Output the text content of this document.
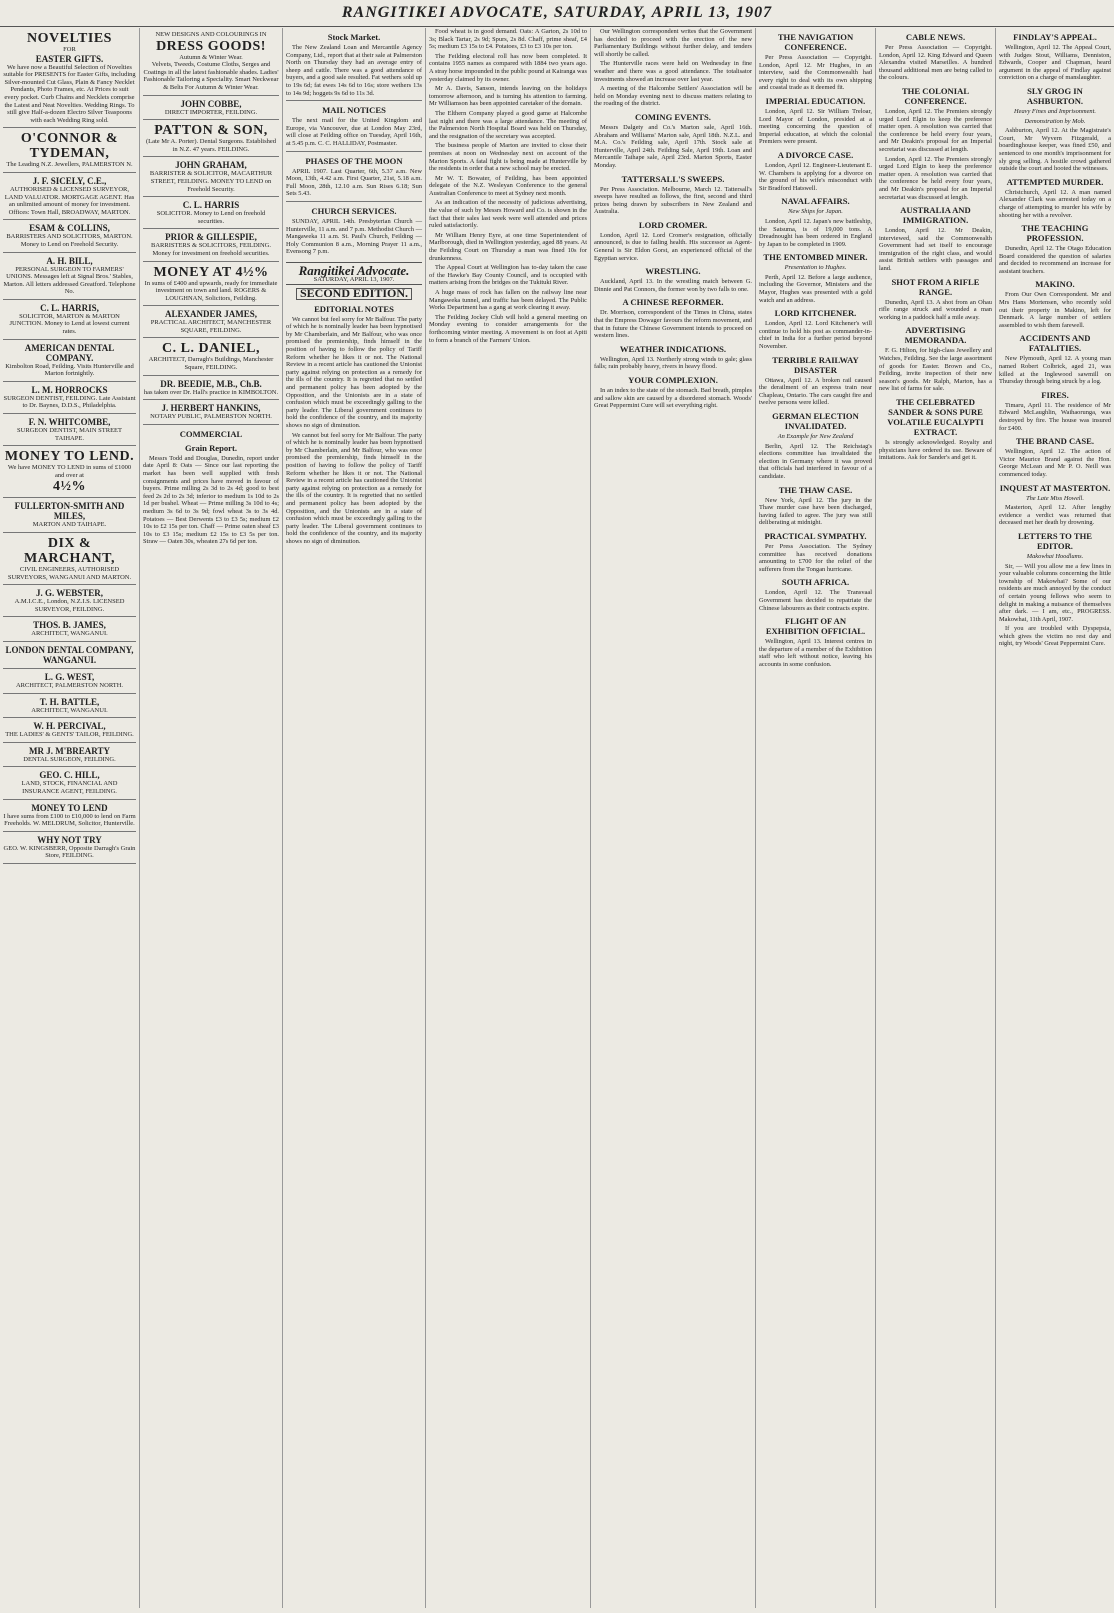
RANGITIKEI ADVOCATE, SATURDAY, APRIL 13, 1907
NOVELTIES
FOR
EASTER GIFTS.
We have now a Beautiful Selection of Novelties suitable for PRESENTS for Easter Gifts, including Silver-mounted Cut Glass, Plain & Fancy Necklet Pendants, Photo Frames, etc. At Prices to suit every pocket. Curb Chains and Necklets comprise the Latest and Neat Novelties. Wedding Rings. To still give Half-a-dozen Electro Silver Teaspoons with each Wedding Ring sold.
O'CONNOR & TYDEMAN,
The Leading N.Z. Jewellers, PALMERSTON N.
J. F. SICELY, C.E.,
AUTHORISED & LICENSED SURVEYOR, LAND VALUATOR. MORTGAGE AGENT. Has an unlimited amount of money for investment. Offices: Town Hall, BROADWAY, MARTON.
ESAM & COLLINS,
BARRISTERS AND SOLICITORS, MARTON. Money to Lend on Freehold Security.
A. H. BILL,
PERSONAL SURGEON TO FARMERS' UNIONS. Messages left at Signal Bros.' Stables, Marton. All letters addressed Greatford. Telephone No.
C. L. HARRIS,
SOLICITOR, MARTON & MARTON JUNCTION. Money to Lend at lowest current rates.
AMERICAN DENTAL COMPANY.
Kimbolton Road, Feilding. Visits Hunterville and Marton fortnightly.
L. M. HORROCKS
SURGEON DENTIST, FEILDING. Late Assistant to Dr. Baynes, D.D.S., Philadelphia.
F. N. WHITCOMBE,
SURGEON DENTIST, MAIN STREET TAIHAPE.
MONEY TO LEND.
We have MONEY TO LEND in sums of £1000 and over at
4½%
FULLERTON-SMITH AND MILES,
MARTON AND TAIHAPE.
DIX & MARCHANT,
CIVIL ENGINEERS, AUTHORISED SURVEYORS, WANGANUI AND MARTON.
J. G. WEBSTER,
A.M.I.C.E., London, N.Z.I.S. LICENSED SURVEYOR, FEILDING.
THOS. B. JAMES,
ARCHITECT, WANGANUI.
LONDON DENTAL COMPANY, WANGANUI.
L. G. WEST,
ARCHITECT, PALMERSTON NORTH.
T. H. BATTLE,
ARCHITECT, WANGANUI.
W. H. PERCIVAL,
THE LADIES' & GENTS' TAILOR, FEILDING.
MR J. M'BREARTY
DENTAL SURGEON, FEILDING.
GEO. C. HILL,
LAND, STOCK, FINANCIAL AND INSURANCE AGENT, FEILDING.
MONEY TO LEND
I have sums from £100 to £10,000 to lend on Farm Freeholds. W. MELDRUM, Solicitor, Hunterville.
WHY NOT TRY
GEO. W. KINGSBERR, Opposite Darragh's Grain Store, FEILDING.
NEW DESIGNS AND COLOURINGS IN
DRESS GOODS!
Autumn & Winter Wear.
Velvets, Tweeds, Costume Cloths, Serges and Coatings in all the latest fashionable shades. Ladies' Fashionable Tailoring a Speciality. Smart Neckwear & Belts For Autumn & Winter Wear.
JOHN COBBE,
DIRECT IMPORTER, FEILDING.
PATTON & SON,
(Late Mr A. Porter). Dental Surgeons. Established in N.Z. 47 years. FEILDING.
JOHN GRAHAM,
BARRISTER & SOLICITOR, MACARTHUR STREET, FEILDING. MONEY TO LEND on Freehold Security.
C. L. HARRIS
SOLICITOR. Money to Lend on freehold securities.
PRIOR & GILLESPIE,
BARRISTERS & SOLICITORS, FEILDING. Money for investment on freehold securities.
MONEY AT 4½%
In sums of £400 and upwards, ready for immediate investment on town and land. ROGERS & LOUGHNAN, Solicitors, Feilding.
ALEXANDER JAMES,
PRACTICAL ARCHITECT, MANCHESTER SQUARE, FEILDING.
C. L. DANIEL,
ARCHITECT, Darragh's Buildings, Manchester Square, FEILDING.
DR. BEEDIE, M.B., Ch.B.
has taken over Dr. Hall's practice in KIMBOLTON.
J. HERBERT HANKINS,
NOTARY PUBLIC, PALMERSTON NORTH.
COMMERCIAL
Grain Report.

Messrs Todd and Douglas, Dunedin, report under date April 8: Oats — Since our last reporting the market has been well supplied with fresh consignments and prices have moved in favour of buyers. Prime milling 2s 3d to 2s 4d; good to best feed 2s 2d to 2s 3d; inferior to medium 1s 10d to 2s 1d per bushel. Wheat — Prime milling 3s 10d to 4s; medium 3s 6d to 3s 9d; fowl wheat 3s to 3s 4d. Potatoes — Best Derwents £3 to £3 5s; medium £2 10s to £2 15s per ton. Chaff — Prime oaten sheaf £3 10s to £3 15s; medium £2 15s to £3 5s per ton. Straw — Oaten 30s, wheaten 27s 6d per ton.

Stock Market.

The New Zealand Loan and Mercantile Agency Company, Ltd., report that at their sale at Palmerston North on Thursday they had an average entry of sheep and cattle. There was a good attendance of buyers, and a good sale resulted. Fat wethers sold up to 19s 6d; fat ewes 14s 6d to 16s; store wethers 13s to 14s 9d; hoggets 9s 6d to 11s 3d.

MAIL NOTICES

The next mail for the United Kingdom and Europe, via Vancouver, due at London May 23rd, will close at Feilding office on Tuesday, April 16th, at 5.45 p.m. C. C. HALLIDAY, Postmaster.

PHASES OF THE MOON

APRIL 1907. Last Quarter, 6th, 5.37 a.m. New Moon, 13th, 4.42 a.m. First Quarter, 21st, 5.18 a.m. Full Moon, 28th, 12.10 a.m. Sun Rises 6.18; Sun Sets 5.43.

CHURCH SERVICES.

SUNDAY, APRIL 14th. Presbyterian Church — Hunterville, 11 a.m. and 7 p.m. Methodist Church — Mangaweka 11 a.m. St. Paul's Church, Feilding — Holy Communion 8 a.m., Morning Prayer 11 a.m., Evensong 7 p.m.

Rangitikei Advocate.
SATURDAY, APRIL 13, 1907.
SECOND EDITION.
EDITORIAL NOTES

We cannot but feel sorry for Mr Balfour. The party of which he is nominally leader has been hypnotised by Mr Chamberlain, and Mr Balfour, who was once promised the premiership, finds himself in the position of having to follow the policy of Tariff Reform whether he likes it or not. The National Review in a recent article has cautioned the Unionist party against relying on protection as a remedy for the ills of the country. It is regretted that no settled and permanent policy has been adopted by the Opposition, and the Unionists are in a state of confusion which must be exceedingly galling to the party leader. The Liberal government continues to hold the confidence of the country, and its majority shows no sign of diminution.

We cannot but feel sorry for Mr Balfour. The party of which he is nominally leader has been hypnotised by Mr Chamberlain, and Mr Balfour, who was once promised the premiership, finds himself in the position of having to follow the policy of Tariff Reform whether he likes it or not. The National Review in a recent article has cautioned the Unionist party against relying on protection as a remedy for the ills of the country. It is regretted that no settled and permanent policy has been adopted by the Opposition, and the Unionists are in a state of confusion which must be exceedingly galling to the party leader. The Liberal government continues to hold the confidence of the country, and its majority shows no sign of diminution.

Food wheat is in good demand. Oats: A Garton, 2s 10d to 3s; Black Tartar, 2s 9d; Spurs, 2s 8d. Chaff, prime sheaf, £4 5s; medium £3 15s to £4. Potatoes, £3 to £3 10s per ton.

The Feilding electoral roll has now been completed. It contains 1955 names as compared with 1884 two years ago. A stray horse impounded in the public pound at Kairanga was yesterday claimed by its owner.

Mr A. Davis, Sanson, intends leaving on the holidays tomorrow afternoon, and is turning his attention to farming. Mr Williamson has been appointed caretaker of the domain.

The Elthern Company played a good game at Halcombe last night and there was a large attendance. The meeting of the Palmerston North Hospital Board was held on Thursday, and the resignation of the secretary was accepted.

The business people of Marton are invited to close their premises at noon on Wednesday next on account of the Marton Sports. A fatal fight is being made at Hunterville by the residents in order that a new school may be erected.

Mr W. T. Bowater, of Feilding, has been appointed delegate of the N.Z. Wesleyan Conference to the general Australian Conference to meet at Sydney next month.

As an indication of the necessity of judicious advertising, the value of such by Messrs Howard and Co. is shown in the fact that their sales last week were well attended and prices ruled satisfactorily.

Mr William Henry Eyre, at one time Superintendent of Marlborough, died in Wellington yesterday, aged 88 years. At the Feilding Court on Thursday a man was fined 10s for drunkenness.

The Appeal Court at Wellington has to-day taken the case of the Hawke's Bay County Council, and is occupied with matters arising from the bridges on the Tukituki River.

A huge mass of rock has fallen on the railway line near Mangaweka tunnel, and traffic has been delayed. The Public Works Department has a gang at work clearing it away.

The Feilding Jockey Club will hold a general meeting on Monday evening to consider arrangements for the forthcoming winter meeting. A movement is on foot at Apiti to form a branch of the Farmers' Union.

Our Wellington correspondent writes that the Government has decided to proceed with the erection of the new Parliamentary Buildings without further delay, and tenders will shortly be called.

The Hunterville races were held on Wednesday in fine weather and there was a good attendance. The totalisator investments showed an increase over last year.

A meeting of the Halcombe Settlers' Association will be held on Monday evening next to discuss matters relating to the roading of the district.

COMING EVENTS.

Messrs Dalgety and Co.'s Marton sale, April 16th. Abraham and Williams' Marton sale, April 18th. N.Z.L. and M.A. Co.'s Feilding sale, April 17th. Stock sale at Hunterville, April 24th. Feilding Sale, April 19th. Loan and Mercantile Taihape sale, April 23rd. Marton Sports, Easter Monday.

TATTERSALL'S SWEEPS.

Per Press Association. Melbourne, March 12. Tattersall's sweeps have resulted as follows, the first, second and third prizes being drawn by subscribers in New Zealand and Australia.

LORD CROMER.

London, April 12. Lord Cromer's resignation, officially announced, is due to failing health. His successor as Agent-General is Sir Eldon Gorst, an experienced official of the Egyptian service.

WRESTLING.

Auckland, April 13. In the wrestling match between G. Dinnie and Pat Connors, the former won by two falls to one.

A CHINESE REFORMER.

Dr. Morrison, correspondent of the Times in China, states that the Empress Dowager favours the reform movement, and that in future the Chinese Government intends to proceed on western lines.

WEATHER INDICATIONS.

Wellington, April 13. Northerly strong winds to gale; glass falls; rain probably heavy, rivers in heavy flood.

YOUR COMPLEXION.

In an index to the state of the stomach. Bad breath, pimples and sallow skin are caused by a disordered stomach. Woods' Great Peppermint Cure will set everything right.

THE NAVIGATION CONFERENCE.

Per Press Association — Copyright. London, April 12. Mr Hughes, in an interview, said the Commonwealth had every right to deal with its own shipping and coastal trade as it deemed fit.

IMPERIAL EDUCATION.

London, April 12. Sir William Treloar, Lord Mayor of London, presided at a meeting concerning the question of Imperial education, at which the colonial Premiers were present.

A DIVORCE CASE.

London, April 12. Engineer-Lieutenant E. W. Chambers is applying for a divorce on the ground of his wife's misconduct with Sir Bradford Hatswell.

NAVAL AFFAIRS.
New Ships for Japan.

London, April 12. Japan's new battleship, the Satsuma, is of 19,000 tons. A Dreadnought has been ordered in England by Japan to be completed in 1909.

THE ENTOMBED MINER.
Presentation to Hughes.

Perth, April 12. Before a large audience, including the Governor, Ministers and the Mayor, Hughes was presented with a gold watch and an address.

LORD KITCHENER.

London, April 12. Lord Kitchener's will continue to hold his post as commander-in-chief in India for a further period beyond November.

TERRIBLE RAILWAY DISASTER

Ottawa, April 12. A broken rail caused the derailment of an express train near Chapleau, Ontario. The cars caught fire and twelve persons were killed.

GERMAN ELECTION INVALIDATED.
An Example for New Zealand

Berlin, April 12. The Reichstag's elections committee has invalidated the election in Germany where it was proved that officials had interfered in favour of a candidate.

THE THAW CASE.

New York, April 12. The jury in the Thaw murder case have been discharged, having failed to agree. The jury was still deliberating at midnight.

PRACTICAL SYMPATHY.

Per Press Association. The Sydney committee has received donations amounting to £700 for the relief of the sufferers from the Tongan hurricane.

SOUTH AFRICA.

London, April 12. The Transvaal Government has decided to repatriate the Chinese labourers as their contracts expire.

FLIGHT OF AN EXHIBITION OFFICIAL.

Wellington, April 13. Interest centres in the departure of a member of the Exhibition staff who left without notice, leaving his accounts in some confusion.

CABLE NEWS.

Per Press Association — Copyright. London, April 12. King Edward and Queen Alexandra visited Marseilles. A hundred thousand additional men are being called to the colours.

THE COLONIAL CONFERENCE.

London, April 12. The Premiers strongly urged Lord Elgin to keep the preference matter open. A resolution was carried that the conference be held every four years, and Mr Deakin's proposal for an Imperial secretariat was discussed at length.

London, April 12. The Premiers strongly urged Lord Elgin to keep the preference matter open. A resolution was carried that the conference be held every four years, and Mr Deakin's proposal for an Imperial secretariat was discussed at length.

AUSTRALIA AND IMMIGRATION.

London, April 12. Mr Deakin, interviewed, said the Commonwealth Government had set itself to encourage immigration of the right class, and would assist British settlers with passages and land.

SHOT FROM A RIFLE RANGE.

Dunedin, April 13. A shot from an Ohau rifle range struck and wounded a man working in a paddock half a mile away.

ADVERTISING MEMORANDA.

F. G. Hilton, for high-class Jewellery and Watches, Feilding. See the large assortment of goods for Easter. Brown and Co., Feilding, invite inspection of their new season's goods. Mr Ralph, Marton, has a new list of farms for sale.

THE CELEBRATED SANDER & SONS PURE VOLATILE EUCALYPTI EXTRACT.

Is strongly acknowledged. Royalty and physicians have ordered its use. Beware of imitations. Ask for Sander's and get it.

FINDLAY'S APPEAL.

Wellington, April 12. The Appeal Court, with Judges Stout, Williams, Denniston, Edwards, Cooper and Chapman, heard argument in the appeal of Findlay against conviction on a charge of manslaughter.

SLY GROG IN ASHBURTON.
Heavy Fines and Imprisonment.
Demonstration by Mob.

Ashburton, April 12. At the Magistrate's Court, Mr Wyvern Fitzgerald, a boardinghouse keeper, was fined £50, and sentenced to one month's imprisonment for sly grog selling. A hostile crowd gathered outside the court and hooted the witnesses.

ATTEMPTED MURDER.

Christchurch, April 12. A man named Alexander Clark was arrested today on a charge of attempting to murder his wife by shooting her with a revolver.

THE TEACHING PROFESSION.

Dunedin, April 12. The Otago Education Board considered the question of salaries and decided to recommend an increase for assistant teachers.

MAKINO.

From Our Own Correspondent. Mr and Mrs Hans Mortensen, who recently sold out their property in Makino, left for Denmark. A large number of settlers assembled to wish them farewell.

ACCIDENTS AND FATALITIES.

New Plymouth, April 12. A young man named Robert Colbrick, aged 21, was killed at the Inglewood sawmill on Thursday through being struck by a log.

FIRES.

Timaru, April 11. The residence of Mr Edward McLaughlin, Waihaorunga, was destroyed by fire. The house was insured for £400.

THE BRAND CASE.

Wellington, April 12. The action of Victor Maurice Brand against the Hon. George McLean and Mr P. O. Neill was commenced today.

INQUEST AT MASTERTON.
The Late Miss Howell.

Masterton, April 12. After lengthy evidence a verdict was returned that deceased met her death by drowning.

LETTERS TO THE EDITOR.
Makowhai Hoodlums.

Sir, — Will you allow me a few lines in your valuable columns concerning the little township of Makowhai? Some of our residents are much annoyed by the conduct of certain young fellows who seem to delight in making a nuisance of themselves after dark. — I am, etc., PROGRESS. Makowhai, 11th April, 1907.

If you are troubled with Dyspepsia, which gives the victim no rest day and night, try Woods' Great Peppermint Cure.
